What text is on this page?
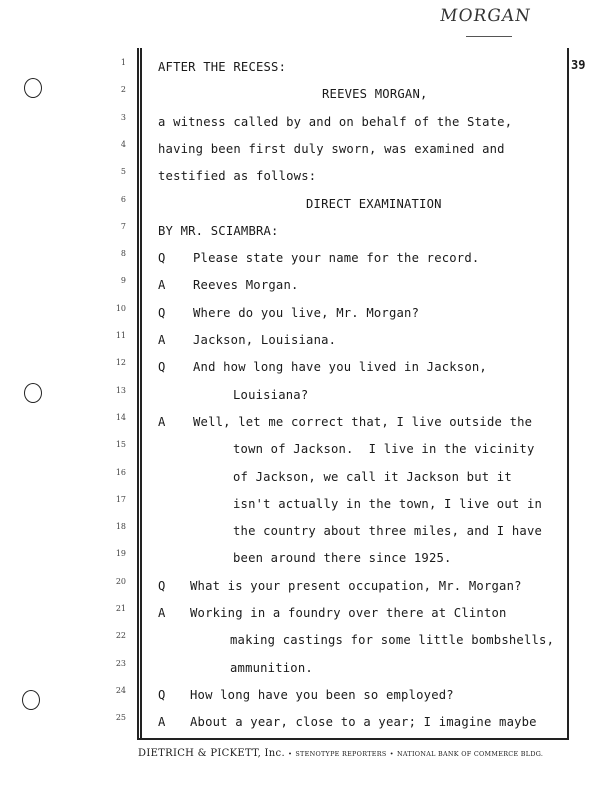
MORGAN
39
1
2
3
4
5
6
7
8
9
10
11
12
13
14
15
16
17
18
19
20
21
22
23
24
25
AFTER THE RECESS:
REEVES MORGAN,
a witness called by and on behalf of the State,
having been first duly sworn, was examined and
testified as follows:
DIRECT EXAMINATION
BY MR. SCIAMBRA:
Q Please state your name for the record.
A Reeves Morgan.
Q Where do you live, Mr. Morgan?
A Jackson, Louisiana.
Q And how long have you lived in Jackson,
Louisiana?
A Well, let me correct that, I live outside the
town of Jackson.  I live in the vicinity
of Jackson, we call it Jackson but it
isn't actually in the town, I live out in
the country about three miles, and I have
been around there since 1925.
Q What is your present occupation, Mr. Morgan?
A Working in a foundry over there at Clinton
making castings for some little bombshells,
ammunition.
Q How long have you been so employed?
A About a year, close to a year; I imagine maybe
DIETRICH & PICKETT, Inc. • STENOTYPE REPORTERS • NATIONAL BANK OF COMMERCE BLDG.
